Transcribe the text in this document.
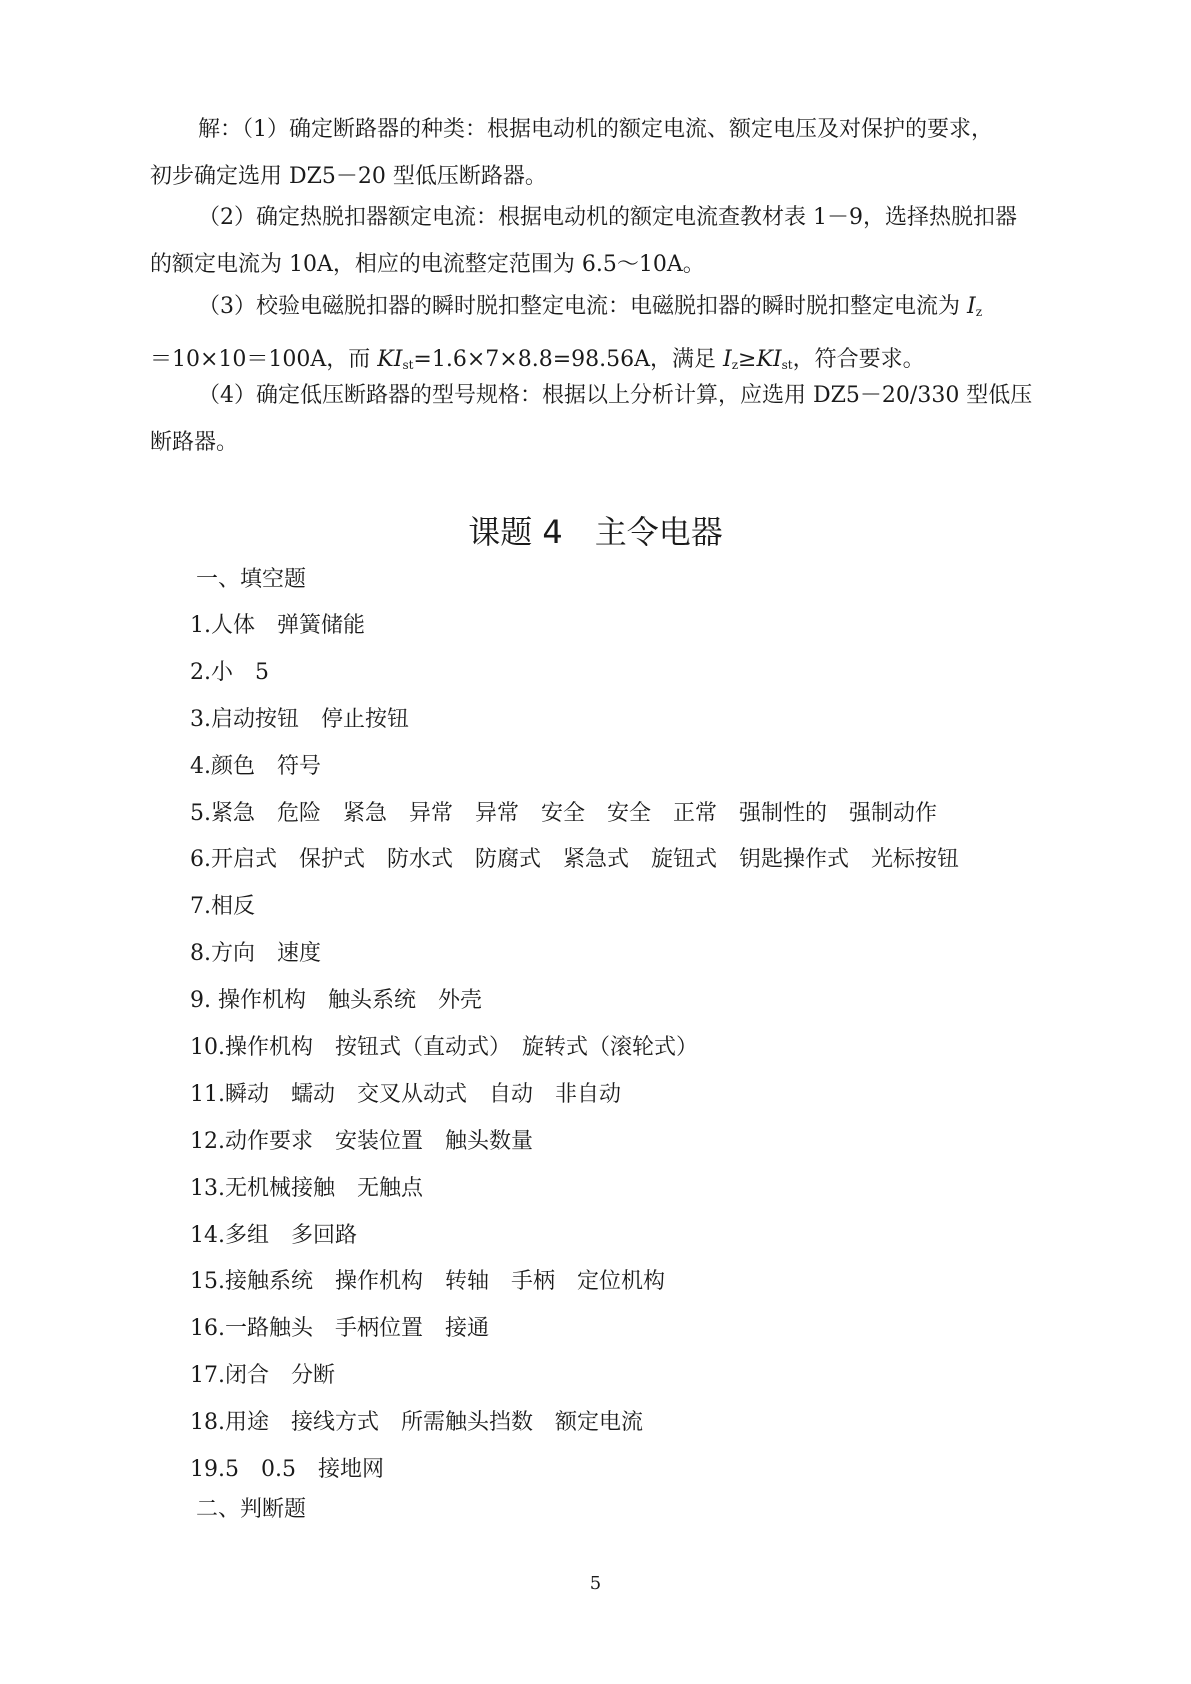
解：（1）确定断路器的种类：根据电动机的额定电流、额定电压及对保护的要求，
初步确定选用 DZ5－20 型低压断路器。

（2）确定热脱扣器额定电流：根据电动机的额定电流查教材表 1－9，选择热脱扣器
的额定电流为 10A，相应的电流整定范围为 6.5～10A。

（3）校验电磁脱扣器的瞬时脱扣整定电流：电磁脱扣器的瞬时脱扣整定电流为 $I_z$
＝10×10＝100A，而 $KI_{st}=1.6\times 7\times 8.8=98.56A$，满足 $I_z\ge KI_{st}$，符合要求。

（4）确定低压断路器的型号规格：根据以上分析计算，应选用 DZ5－20/330 型低压
断路器。

课题 4　主令电器
一、填空题
1.人体　弹簧储能
2.小　5
3.启动按钮　停止按钮
4.颜色　符号
5.紧急　危险　紧急　异常　异常　安全　安全　正常　强制性的　强制动作
6.开启式　保护式　防水式　防腐式　紧急式　旋钮式　钥匙操作式　光标按钮
7.相反
8.方向　速度
9. 操作机构　触头系统　外壳
10.操作机构　按钮式（直动式）　旋转式（滚轮式）
11.瞬动　蠕动　交叉从动式　自动　非自动
12.动作要求　安装位置　触头数量
13.无机械接触　无触点
14.多组　多回路
15.接触系统　操作机构　转轴　手柄　定位机构
16.一路触头　手柄位置　接通
17.闭合　分断
18.用途　接线方式　所需触头挡数　额定电流
19.5　0.5　接地网
二、判断题
5
